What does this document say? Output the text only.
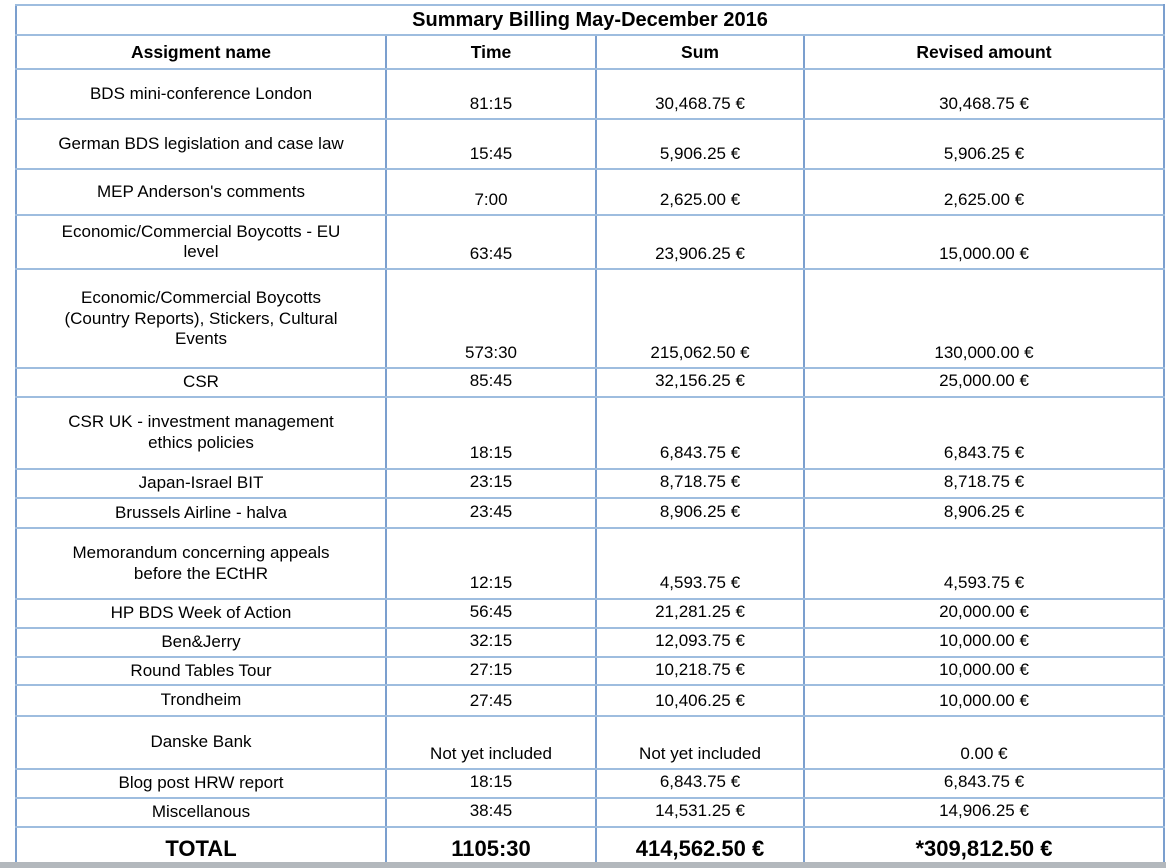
Summary Billing May-December 2016			
Assigment name	Time	Sum	Revised amount
BDS mini-conference London	81:15	30,468.75 €	30,468.75 €
German BDS legislation and case law	15:45	5,906.25 €	5,906.25 €
MEP Anderson's comments	7:00	2,625.00 €	2,625.00 €
Economic/Commercial Boycotts - EU level	63:45	23,906.25 €	15,000.00 €
Economic/Commercial Boycotts (Country Reports), Stickers, Cultural Events	573:30	215,062.50 €	130,000.00 €
CSR	85:45	32,156.25 €	25,000.00 €
CSR UK - investment management ethics policies	18:15	6,843.75 €	6,843.75 €
Japan-Israel BIT	23:15	8,718.75 €	8,718.75 €
Brussels Airline - halva	23:45	8,906.25 €	8,906.25 €
Memorandum concerning appeals before the ECtHR	12:15	4,593.75 €	4,593.75 €
HP BDS Week of Action	56:45	21,281.25 €	20,000.00 €
Ben&Jerry	32:15	12,093.75 €	10,000.00 €
Round Tables Tour	27:15	10,218.75 €	10,000.00 €
Trondheim	27:45	10,406.25 €	10,000.00 €
Danske Bank	Not yet included	Not yet included	0.00 €
Blog post HRW report	18:15	6,843.75 €	6,843.75 €
Miscellanous	38:45	14,531.25 €	14,906.25 €
TOTAL	1105:30	414,562.50 €	*309,812.50 €
